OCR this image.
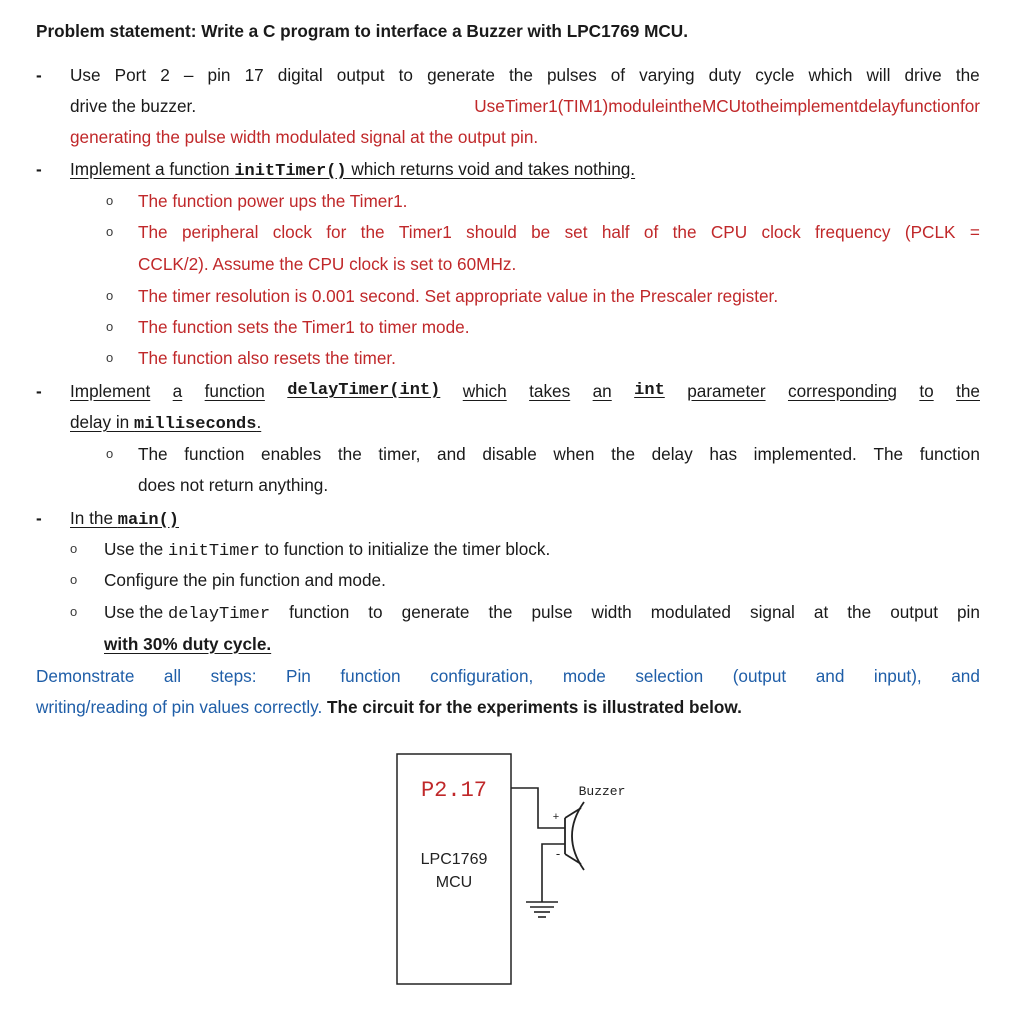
Problem statement: Write a C program to interface a Buzzer with LPC1769 MCU.
- Use Port 2 – pin 17 digital output to generate the pulses of varying duty cycle which will drive the
drive the buzzer.	UseTimer1(TIM1)moduleintheMCUtotheimplementdelayfunctionfor
generating the pulse width modulated signal at the output pin.
- Implement a function initTimer() which returns void and takes nothing.
o The function power ups the Timer1.
o The peripheral clock for the Timer1 should be set half of the CPU clock frequency (PCLK =
CCLK/2). Assume the CPU clock is set to 60MHz.
o The timer resolution is 0.001 second. Set appropriate value in the Prescaler register.
o The function sets the Timer1 to timer mode.
o The function also resets the timer.
- Implement a function delayTimer(int) which takes an int parameter corresponding to the
delay in milliseconds.
o The function enables the timer, and disable when the delay has implemented. The function
does not return anything.
- In the main()
o Use the initTimer to function to initialize the timer block.
o Configure the pin function and mode.
o Use the delayTimer function to generate the pulse width modulated signal at the output pin
with 30% duty cycle.
Demonstrate all steps: Pin function configuration, mode selection (output and input), and
writing/reading of pin values correctly. The circuit for the experiments is illustrated below.
P2.17
LPC1769
MCU
Buzzer
+
-
